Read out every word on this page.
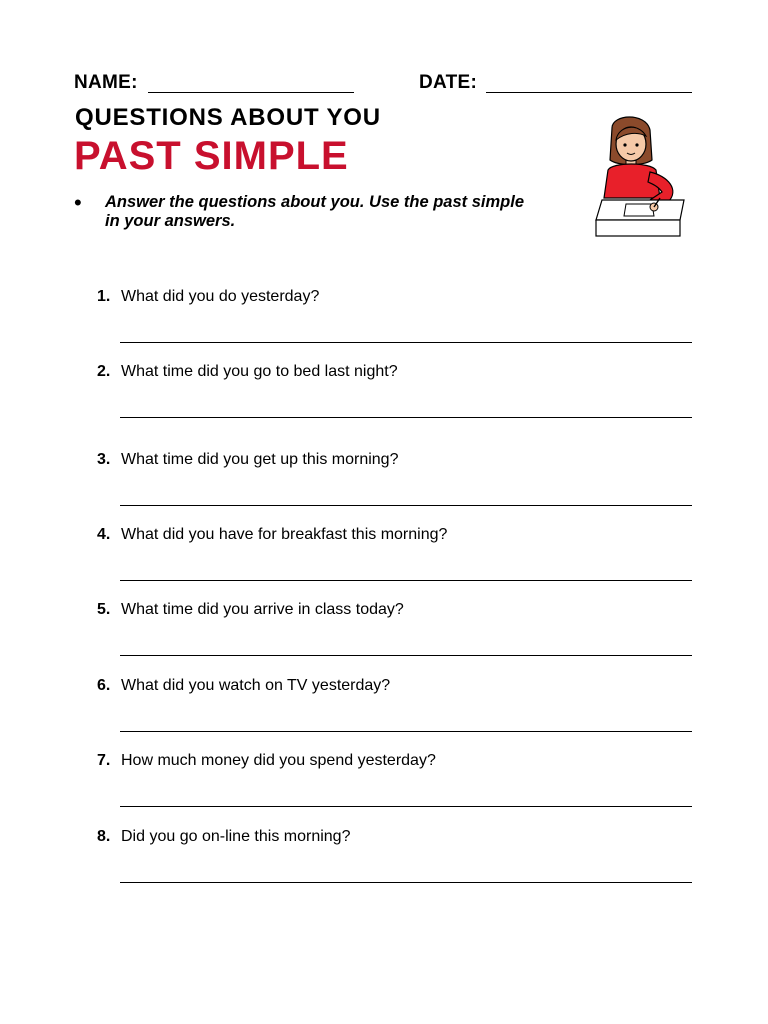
NAME:	DATE:
QUESTIONS ABOUT YOU
PAST SIMPLE
• Answer the questions about you. Use the past simple in your answers.
1. What did you do yesterday?
2. What time did you go to bed last night?
3. What time did you get up this morning?
4. What did you have for breakfast this morning?
5. What time did you arrive in class today?
6. What did you watch on TV yesterday?
7. How much money did you spend yesterday?
8. Did you go on-line this morning?
